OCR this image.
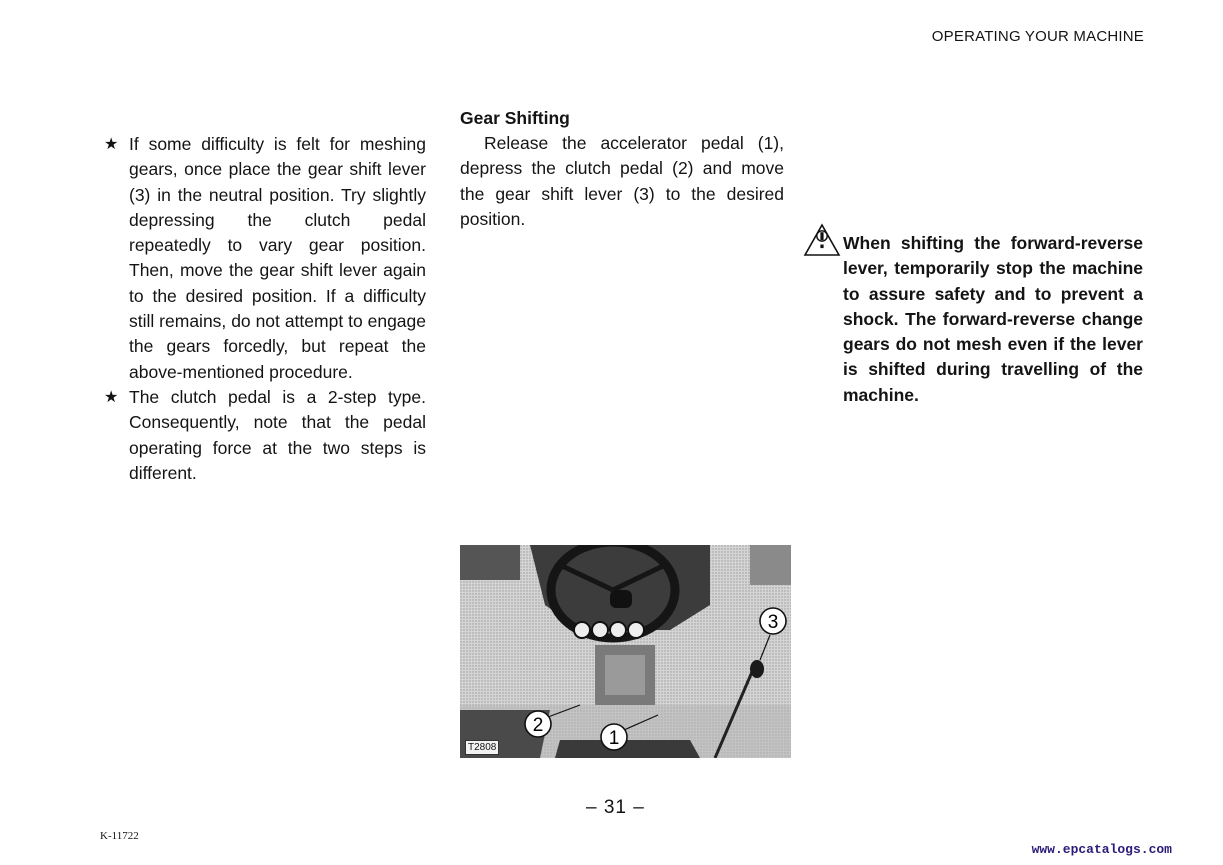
OPERATING YOUR MACHINE
★ If some difficulty is felt for meshing gears, once place the gear shift lever (3) in the neutral position. Try slightly depressing the clutch pedal repeatedly to vary gear position. Then, move the gear shift lever again to the desired position. If a difficulty still remains, do not attempt to engage the gears forcedly, but repeat the above-mentioned procedure.
★ The clutch pedal is a 2-step type. Consequently, note that the pedal operating force at the two steps is different.
Gear Shifting
Release the accelerator pedal (1), depress the clutch pedal (2) and move the gear shift lever (3) to the desired position.
When shifting the forward-reverse lever, temporarily stop the machine to assure safety and to prevent a shock. The forward-reverse change gears do not mesh even if the lever is shifted during travelling of the machine.
3
2
1
T2808
K-11722
– 31 –
www.epcatalogs.com
